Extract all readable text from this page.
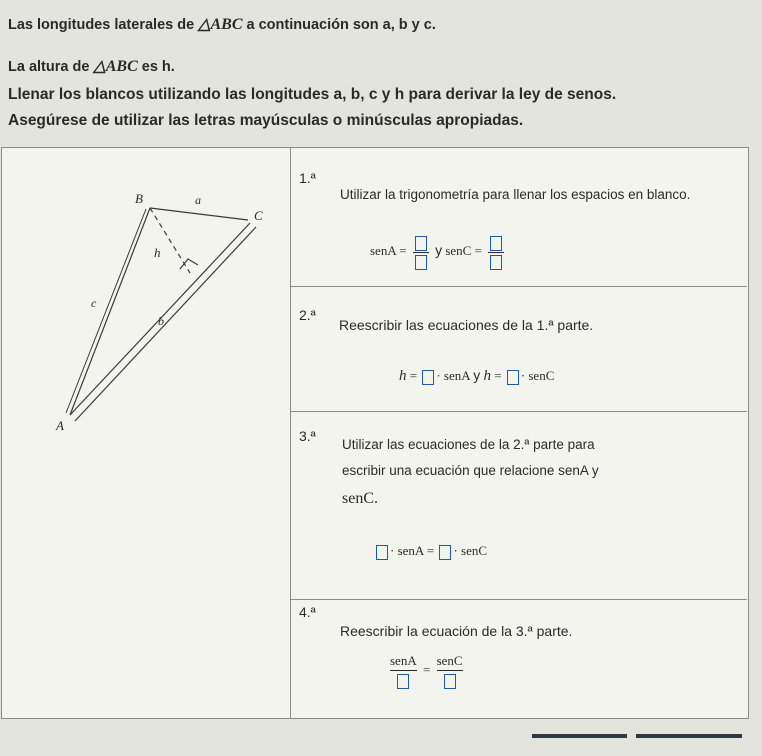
Las longitudes laterales de △ABC a continuación son a, b y c.
La altura de △ABC es h.
Llenar los blancos utilizando las longitudes a, b, c y h para derivar la ley de senos.
Asegúrese de utilizar las letras mayúsculas o minúsculas apropiadas.
B	a
C
h
c
b
A
1.ª
Utilizar la trigonometría para llenar los espacios en blanco.
senA = y senC =
2.ª
Reescribir las ecuaciones de la 1.ª parte.
h = · senA y h = · senC
3.ª
Utilizar las ecuaciones de la 2.ª parte para
escribir una ecuación que relacione senA y
senC.
· senA = · senC
4.ª
Reescribir la ecuación de la 3.ª parte.
senA
=
senC
